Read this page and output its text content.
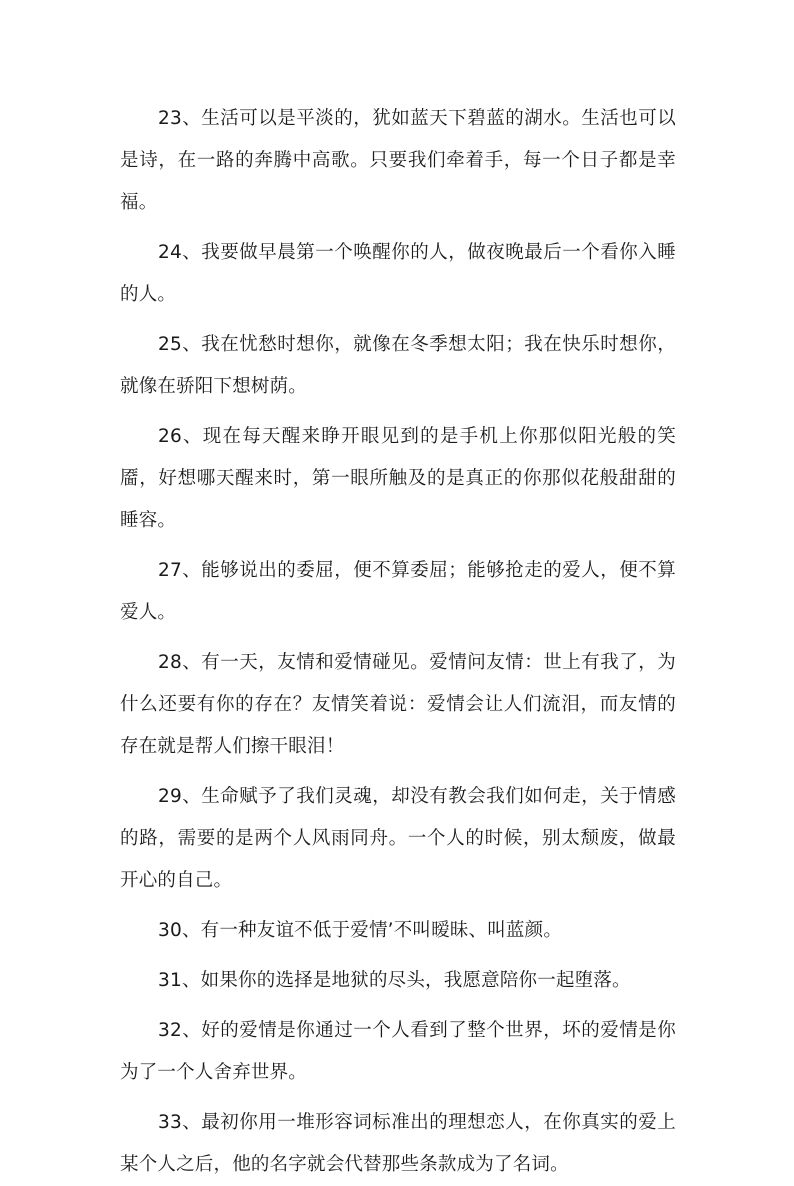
23、生活可以是平淡的，犹如蓝天下碧蓝的湖水。生活也可以是诗，在一路的奔腾中高歌。只要我们牵着手，每一个日子都是幸福。

24、我要做早晨第一个唤醒你的人，做夜晚最后一个看你入睡的人。

25、我在忧愁时想你，就像在冬季想太阳；我在快乐时想你，就像在骄阳下想树荫。

26、现在每天醒来睁开眼见到的是手机上你那似阳光般的笑靥，好想哪天醒来时，第一眼所触及的是真正的你那似花般甜甜的睡容。

27、能够说出的委屈，便不算委屈；能够抢走的爱人，便不算爱人。

28、有一天，友情和爱情碰见。爱情问友情：世上有我了，为什么还要有你的存在？友情笑着说：爱情会让人们流泪，而友情的存在就是帮人们擦干眼泪！

29、生命赋予了我们灵魂，却没有教会我们如何走，关于情感的路，需要的是两个人风雨同舟。一个人的时候，别太颓废，做最开心的自己。

30、有一种友谊不低于爱情’不叫暧昧、叫蓝颜。

31、如果你的选择是地狱的尽头，我愿意陪你一起堕落。

32、好的爱情是你通过一个人看到了整个世界，坏的爱情是你为了一个人舍弃世界。

33、最初你用一堆形容词标准出的理想恋人，在你真实的爱上某个人之后，他的名字就会代替那些条款成为了名词。
